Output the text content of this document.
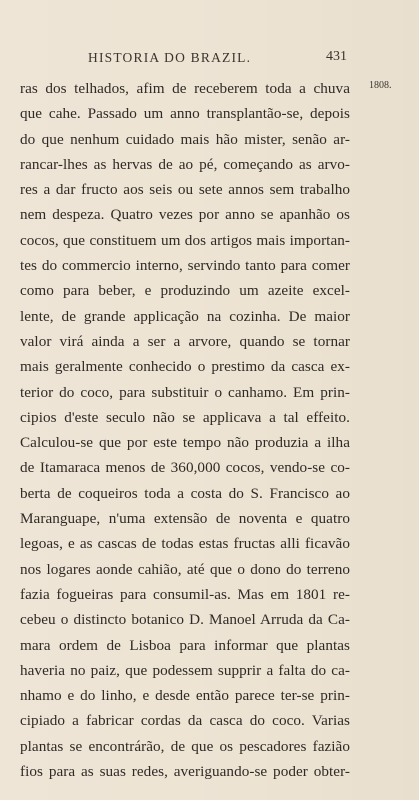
HISTORIA DO BRAZIL.	431
1808.
ras dos telhados, afim de receberem toda a chuva
que cahe. Passado um anno transplantão-se, depois
do que nenhum cuidado mais hão mister, senão ar-
rancar-lhes as hervas de ao pé, começando as arvo-
res a dar fructo aos seis ou sete annos sem trabalho
nem despeza. Quatro vezes por anno se apanhão os
cocos, que constituem um dos artigos mais importan-
tes do commercio interno, servindo tanto para comer
como para beber, e produzindo um azeite excel-
lente, de grande applicação na cozinha. De maior
valor virá ainda a ser a arvore, quando se tornar
mais geralmente conhecido o prestimo da casca ex-
terior do coco, para substituir o canhamo. Em prin-
cipios d'este seculo não se applicava a tal effeito.
Calculou-se que por este tempo não produzia a ilha
de Itamaraca menos de 360,000 cocos, vendo-se co-
berta de coqueiros toda a costa do S. Francisco ao
Maranguape, n'uma extensão de noventa e quatro
legoas, e as cascas de todas estas fructas alli ficavão
nos logares aonde cahião, até que o dono do terreno
fazia fogueiras para consumil-as. Mas em 1801 re-
cebeu o distincto botanico D. Manoel Arruda da Ca-
mara ordem de Lisboa para informar que plantas
haveria no paiz, que podessem supprir a falta do ca-
nhamo e do linho, e desde então parece ter-se prin-
cipiado a fabricar cordas da casca do coco. Varias
plantas se encontrárão, de que os pescadores fazião
fios para as suas redes, averiguando-se poder obter-
